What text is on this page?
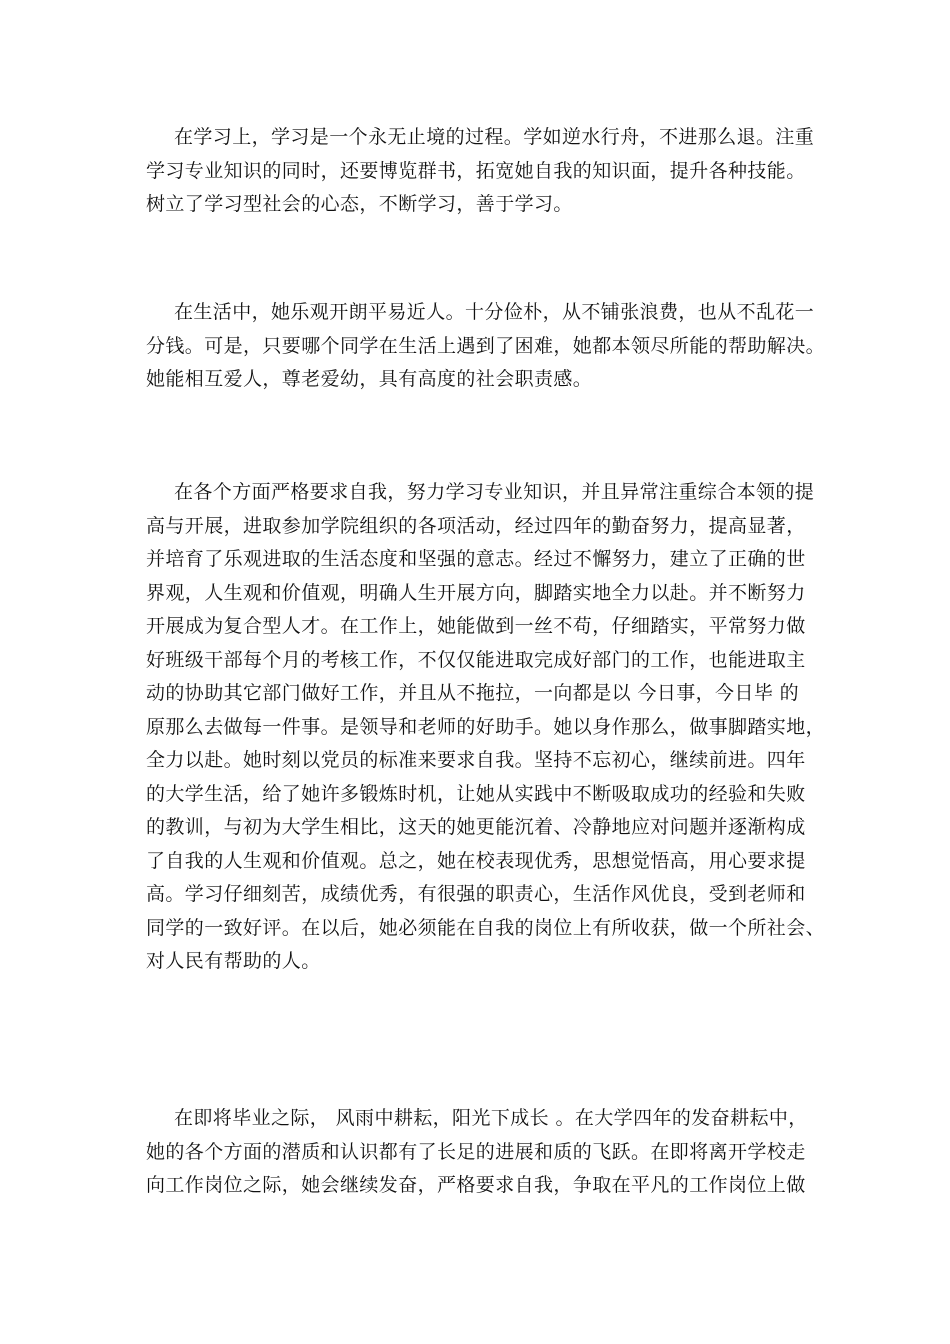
在学习上，学习是一个永无止境的过程。学如逆水行舟，不进那么退。注重
学习专业知识的同时，还要博览群书，拓宽她自我的知识面，提升各种技能。
树立了学习型社会的心态，不断学习，善于学习。

在生活中，她乐观开朗平易近人。十分俭朴，从不铺张浪费，也从不乱花一
分钱。可是，只要哪个同学在生活上遇到了困难，她都本领尽所能的帮助解决。
她能相互爱人，尊老爱幼，具有高度的社会职责感。

在各个方面严格要求自我，努力学习专业知识，并且异常注重综合本领的提
高与开展，进取参加学院组织的各项活动，经过四年的勤奋努力，提高显著，
并培育了乐观进取的生活态度和坚强的意志。经过不懈努力，建立了正确的世
界观，人生观和价值观，明确人生开展方向，脚踏实地全力以赴。并不断努力
开展成为复合型人才。在工作上，她能做到一丝不苟，仔细踏实，平常努力做
好班级干部每个月的考核工作，不仅仅能进取完成好部门的工作，也能进取主
动的协助其它部门做好工作，并且从不拖拉，一向都是以 今日事，今日毕 的
原那么去做每一件事。是领导和老师的好助手。她以身作那么，做事脚踏实地，
全力以赴。她时刻以党员的标准来要求自我。坚持不忘初心，继续前进。四年
的大学生活，给了她许多锻炼时机，让她从实践中不断吸取成功的经验和失败
的教训，与初为大学生相比，这天的她更能沉着、冷静地应对问题并逐渐构成
了自我的人生观和价值观。总之，她在校表现优秀，思想觉悟高，用心要求提
高。学习仔细刻苦，成绩优秀，有很强的职责心，生活作风优良，受到老师和
同学的一致好评。在以后，她必须能在自我的岗位上有所收获，做一个所社会、
对人民有帮助的人。

在即将毕业之际， 风雨中耕耘，阳光下成长 。在大学四年的发奋耕耘中，
她的各个方面的潜质和认识都有了长足的进展和质的飞跃。在即将离开学校走
向工作岗位之际，她会继续发奋，严格要求自我，争取在平凡的工作岗位上做
